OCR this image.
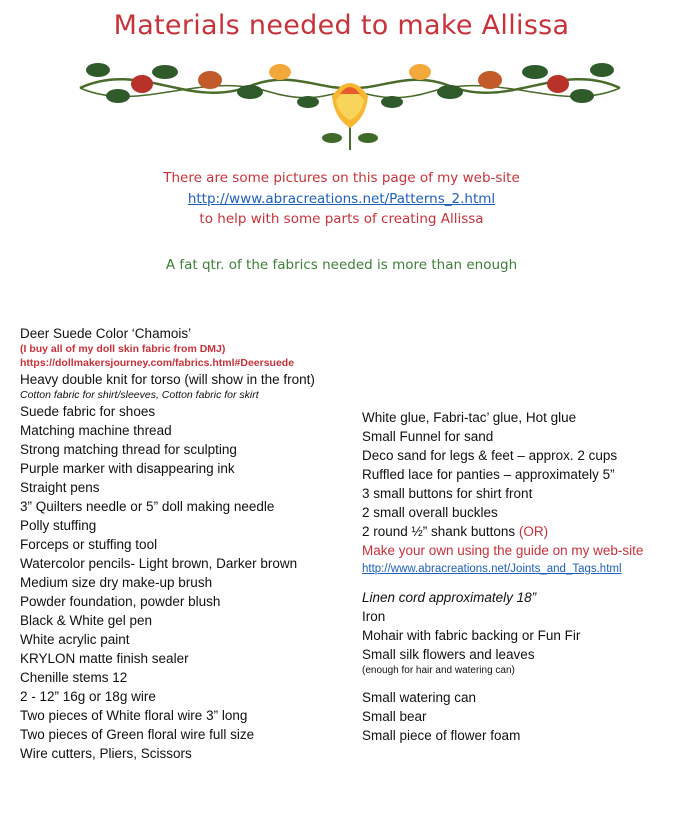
Materials needed to make Allissa
There are some pictures on this page of my web-site
http://www.abracreations.net/Patterns_2.html
to help with some parts of creating Allissa
A fat qtr. of the fabrics needed is more than enough
Deer Suede Color ‘Chamois’
(I buy all of my doll skin fabric from DMJ)
https://dollmakersjourney.com/fabrics.html#Deersuede
Heavy double knit for torso (will show in the front)
Cotton fabric for shirt/sleeves, Cotton fabric for skirt
Suede fabric for shoes
Matching machine thread
Strong matching thread for sculpting
Purple marker with disappearing ink
Straight pens
3” Quilters needle or 5” doll making needle
Polly stuffing
Forceps or stuffing tool
Watercolor pencils- Light brown, Darker brown
Medium size dry make-up brush
Powder foundation, powder blush
Black & White gel pen
White acrylic paint
KRYLON matte finish sealer
Chenille stems 12
2 - 12” 16g or 18g wire
Two pieces of White floral wire 3” long
Two pieces of Green floral wire full size
Wire cutters, Pliers, Scissors
White glue, Fabri-tac’ glue, Hot glue
Small Funnel for sand
Deco sand for legs & feet – approx. 2 cups
Ruffled lace for panties – approximately 5”
3 small buttons for shirt front
2 small overall buckles
2 round ½” shank buttons (OR)
Make your own using the guide on my web-site
http://www.abracreations.net/Joints_and_Tags.html
Linen cord approximately 18”
Iron
Mohair with fabric backing or Fun Fir
Small silk flowers and leaves
(enough for hair and watering can)
Small watering can
Small bear
Small piece of flower foam
